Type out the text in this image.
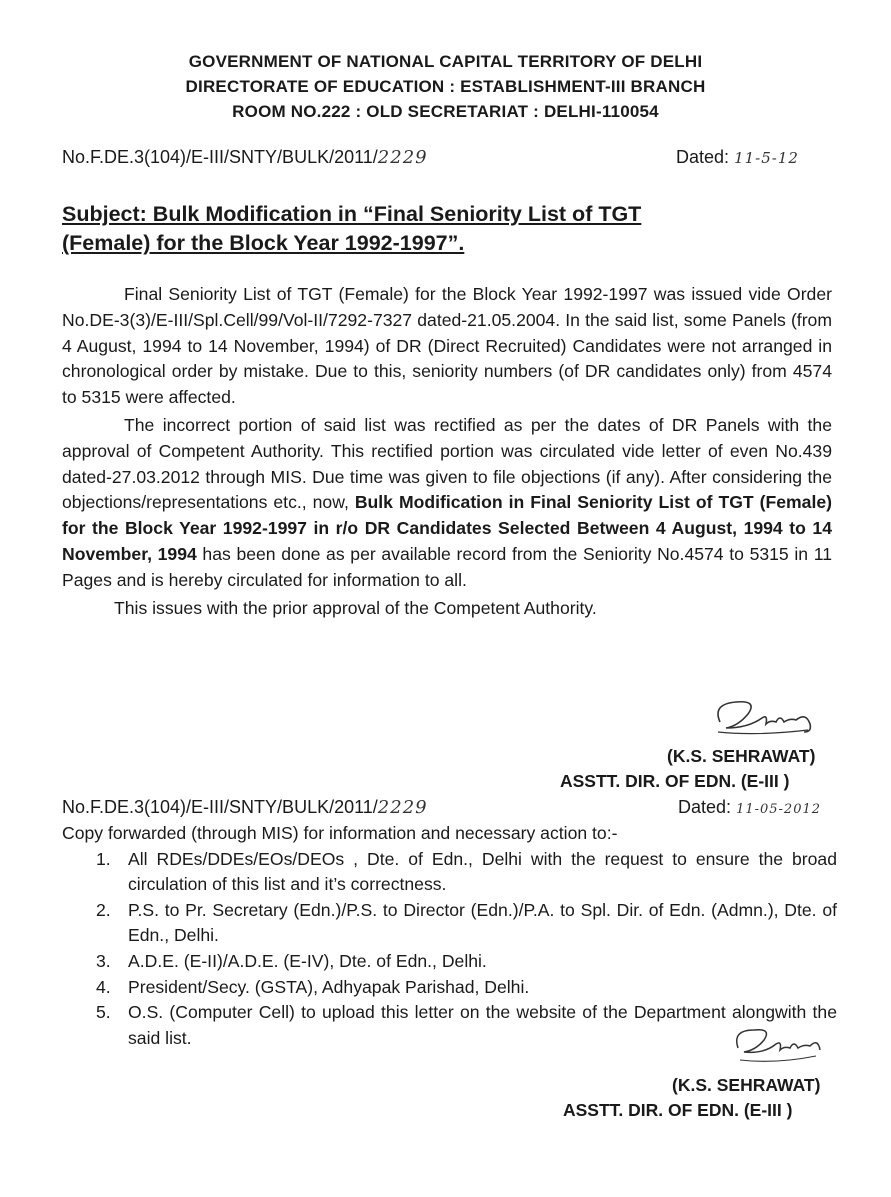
GOVERNMENT OF NATIONAL CAPITAL TERRITORY OF DELHI
DIRECTORATE OF EDUCATION : ESTABLISHMENT-III BRANCH
ROOM NO.222 : OLD SECRETARIAT : DELHI-110054
No.F.DE.3(104)/E-III/SNTY/BULK/2011/2229	Dated: 11-5-12
Subject: Bulk Modification in “Final Seniority List of TGT
(Female) for the Block Year 1992-1997”.

Final Seniority List of TGT (Female) for the Block Year 1992-1997 was issued vide Order No.DE-3(3)/E-III/Spl.Cell/99/Vol-II/7292-7327 dated-21.05.2004. In the said list, some Panels (from 4 August, 1994 to 14 November, 1994) of DR (Direct Recruited) Candidates were not arranged in chronological order by mistake. Due to this, seniority numbers (of DR candidates only) from 4574 to 5315 were affected.

The incorrect portion of said list was rectified as per the dates of DR Panels with the approval of Competent Authority. This rectified portion was circulated vide letter of even No.439 dated-27.03.2012 through MIS. Due time was given to file objections (if any). After considering the objections/representations etc., now, Bulk Modification in Final Seniority List of TGT (Female) for the Block Year 1992-1997 in r/o DR Candidates Selected Between 4 August, 1994 to 14 November, 1994 has been done as per available record from the Seniority No.4574 to 5315 in 11 Pages and is hereby circulated for information to all.

This issues with the prior approval of the Competent Authority.

(K.S. SEHRAWAT)
ASSTT. DIR. OF EDN. (E-III )
No.F.DE.3(104)/E-III/SNTY/BULK/2011/2229	Dated: 11-05-2012
Copy forwarded (through MIS) for information and necessary action to:-
1. All RDEs/DDEs/EOs/DEOs , Dte. of Edn., Delhi with the request to ensure the broad circulation of this list and it’s correctness.
2. P.S. to Pr. Secretary (Edn.)/P.S. to Director (Edn.)/P.A. to Spl. Dir. of Edn. (Admn.), Dte. of Edn., Delhi.
3. A.D.E. (E-II)/A.D.E. (E-IV), Dte. of Edn., Delhi.
4. President/Secy. (GSTA), Adhyapak Parishad, Delhi.
5. O.S. (Computer Cell) to upload this letter on the website of the Department alongwith the said list.
(K.S. SEHRAWAT)
ASSTT. DIR. OF EDN. (E-III )
